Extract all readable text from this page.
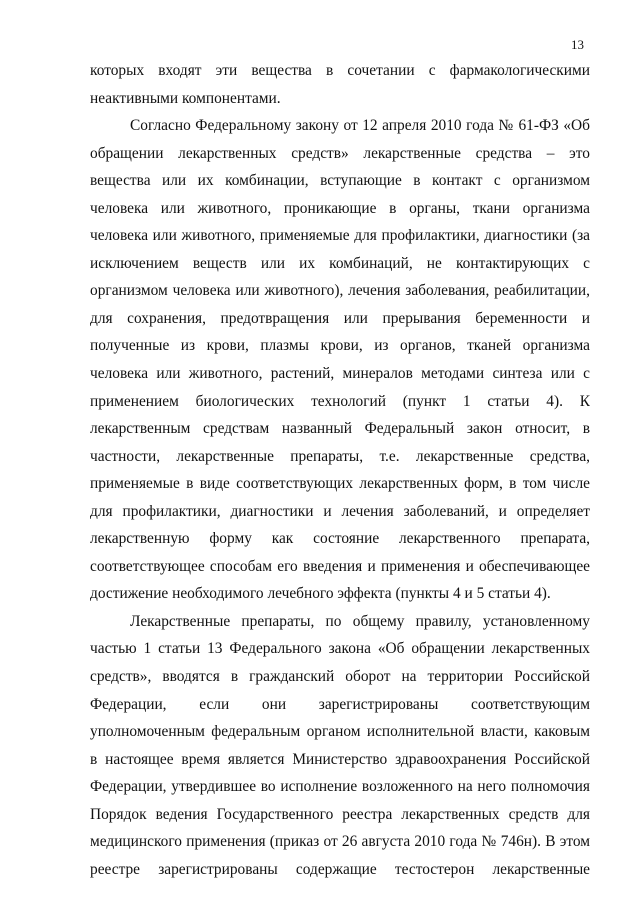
13
которых входят эти вещества в сочетании с фармакологическими
неактивными компонентами.
Согласно Федеральному закону от 12 апреля 2010 года № 61-ФЗ «Об
обращении лекарственных средств» лекарственные средства – это
вещества или их комбинации, вступающие в контакт с организмом
человека или животного, проникающие в органы, ткани организма
человека или животного, применяемые для профилактики, диагностики (за
исключением веществ или их комбинаций, не контактирующих с
организмом человека или животного), лечения заболевания, реабилитации,
для сохранения, предотвращения или прерывания беременности и
полученные из крови, плазмы крови, из органов, тканей организма
человека или животного, растений, минералов методами синтеза или с
применением биологических технологий (пункт 1 статьи 4). К
лекарственным средствам названный Федеральный закон относит, в
частности, лекарственные препараты, т.е. лекарственные средства,
применяемые в виде соответствующих лекарственных форм, в том числе
для профилактики, диагностики и лечения заболеваний, и определяет
лекарственную форму как состояние лекарственного препарата,
соответствующее способам его введения и применения и обеспечивающее
достижение необходимого лечебного эффекта (пункты 4 и 5 статьи 4).
Лекарственные препараты, по общему правилу, установленному
частью 1 статьи 13 Федерального закона «Об обращении лекарственных
средств», вводятся в гражданский оборот на территории Российской
Федерации, если они зарегистрированы соответствующим
уполномоченным федеральным органом исполнительной власти, каковым
в настоящее время является Министерство здравоохранения Российской
Федерации, утвердившее во исполнение возложенного на него полномочия
Порядок ведения Государственного реестра лекарственных средств для
медицинского применения (приказ от 26 августа 2010 года № 746н). В этом
реестре зарегистрированы содержащие тестостерон лекарственные
